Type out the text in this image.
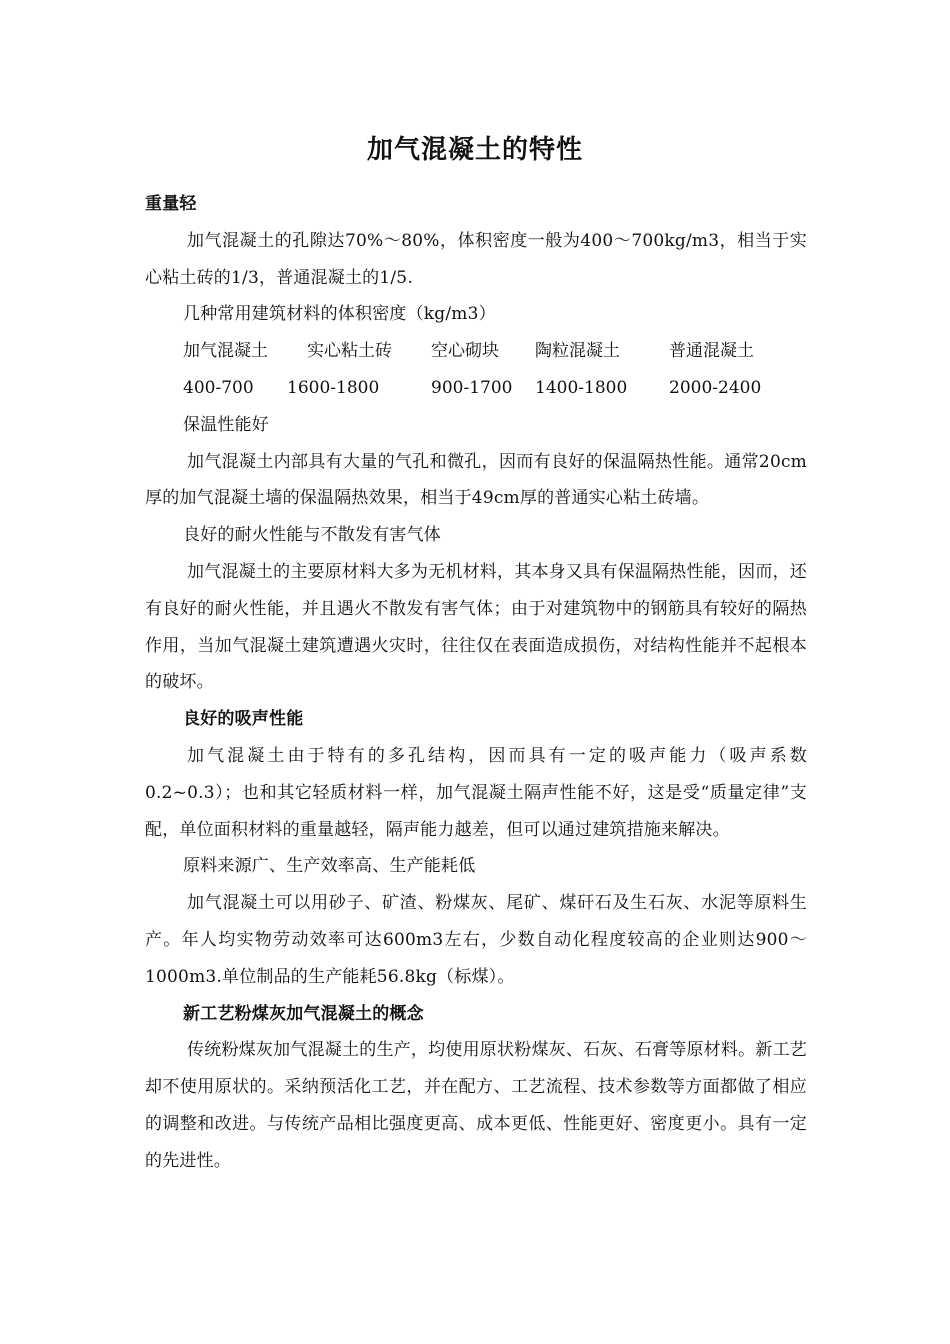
加气混凝土的特性

重量轻

加气混凝土的孔隙达70%～80%，体积密度一般为400～700kg/m3，相当于实心粘土砖的1/3，普通混凝土的1/5.

几种常用建筑材料的体积密度（kg/m3）

加气混凝土	实心粘土砖	空心砌块	陶粒混凝土	普通混凝土
400-700	1600-1800	900-1700	1400-1800	2000-2400

保温性能好

加气混凝土内部具有大量的气孔和微孔，因而有良好的保温隔热性能。通常20cm厚的加气混凝土墙的保温隔热效果，相当于49cm厚的普通实心粘土砖墙。

良好的耐火性能与不散发有害气体

加气混凝土的主要原材料大多为无机材料，其本身又具有保温隔热性能，因而，还有良好的耐火性能，并且遇火不散发有害气体；由于对建筑物中的钢筋具有较好的隔热作用，当加气混凝土建筑遭遇火灾时，往往仅在表面造成损伤，对结构性能并不起根本的破坏。

良好的吸声性能

加气混凝土由于特有的多孔结构，因而具有一定的吸声能力（吸声系数0.2~0.3）；也和其它轻质材料一样，加气混凝土隔声性能不好，这是受“质量定律”支配，单位面积材料的重量越轻，隔声能力越差，但可以通过建筑措施来解决。

原料来源广、生产效率高、生产能耗低

加气混凝土可以用砂子、矿渣、粉煤灰、尾矿、煤矸石及生石灰、水泥等原料生产。年人均实物劳动效率可达600m3左右，少数自动化程度较高的企业则达900～1000m3.单位制品的生产能耗56.8kg（标煤）。

新工艺粉煤灰加气混凝土的概念

传统粉煤灰加气混凝土的生产，均使用原状粉煤灰、石灰、石膏等原材料。新工艺却不使用原状的。采纳预活化工艺，并在配方、工艺流程、技术参数等方面都做了相应的调整和改进。与传统产品相比强度更高、成本更低、性能更好、密度更小。具有一定的先进性。
